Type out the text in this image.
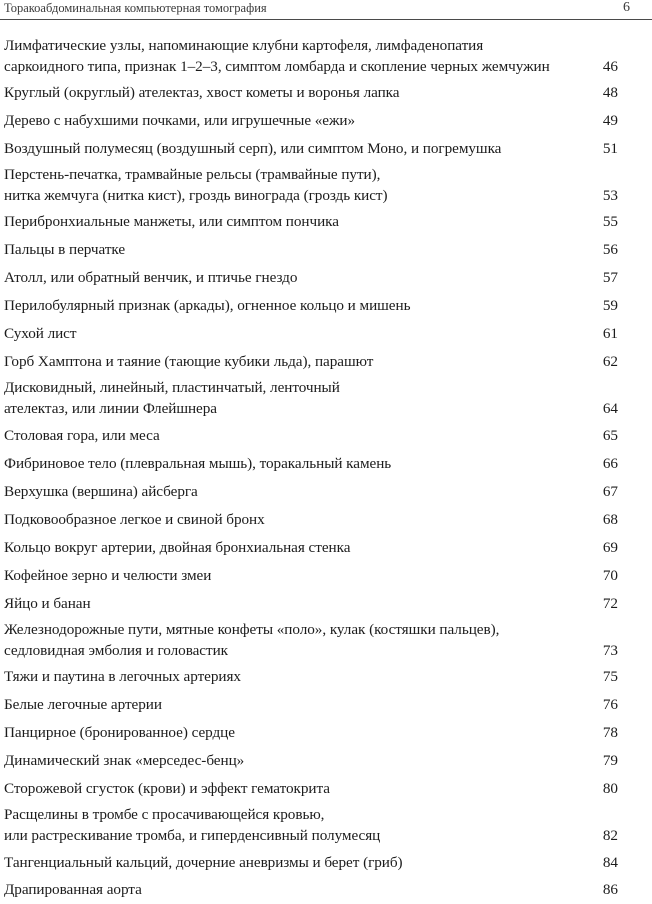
Торакоабдоминальная компьютерная томография	6
Лимфатические узлы, напоминающие клубни картофеля, лимфаденопатия
саркоидного типа, признак 1–2–3, симптом ломбарда и скопление черных жемчужин	46
Круглый (округлый) ателектаз, хвост кометы и воронья лапка	48
Дерево с набухшими почками, или игрушечные «ежи»	49
Воздушный полумесяц (воздушный серп), или симптом Моно, и погремушка	51
Перстень-печатка, трамвайные рельсы (трамвайные пути),
нитка жемчуга (нитка кист), гроздь винограда (гроздь кист)	53
Перибронхиальные манжеты, или симптом пончика	55
Пальцы в перчатке	56
Атолл, или обратный венчик, и птичье гнездо	57
Перилобулярный признак (аркады), огненное кольцо и мишень	59
Сухой лист	61
Горб Хамптона и таяние (тающие кубики льда), парашют	62
Дисковидный, линейный, пластинчатый, ленточный
ателектаз, или линии Флейшнера	64
Столовая гора, или меса	65
Фибриновое тело (плевральная мышь), торакальный камень	66
Верхушка (вершина) айсберга	67
Подковообразное легкое и свиной бронх	68
Кольцо вокруг артерии, двойная бронхиальная стенка	69
Кофейное зерно и челюсти змеи	70
Яйцо и банан	72
Железнодорожные пути, мятные конфеты «поло», кулак (костяшки пальцев),
седловидная эмболия и головастик	73
Тяжи и паутина в легочных артериях	75
Белые легочные артерии	76
Панцирное (бронированное) сердце	78
Динамический знак «мерседес-бенц»	79
Сторожевой сгусток (крови) и эффект гематокрита	80
Расщелины в тромбе с просачивающейся кровью,
или растрескивание тромба, и гиперденсивный полумесяц	82
Тангенциальный кальций, дочерние аневризмы и берет (гриб)	84
Драпированная аорта	86
